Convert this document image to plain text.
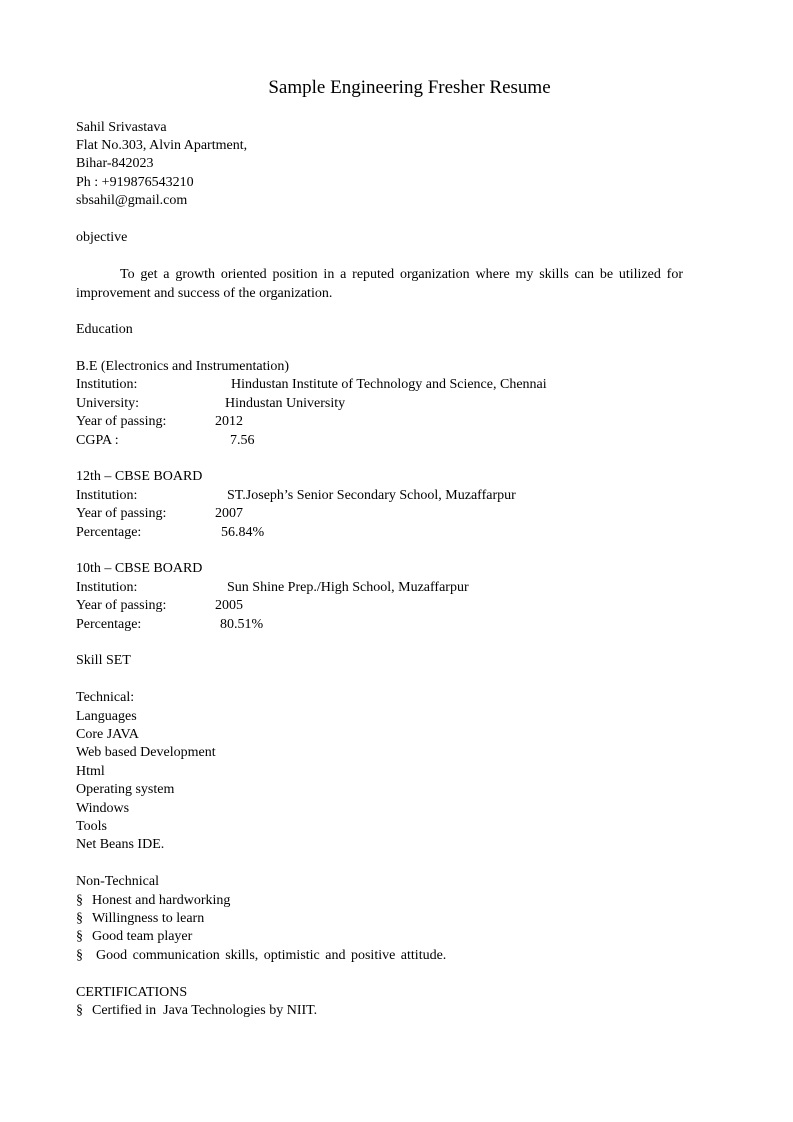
Sample Engineering Fresher Resume
Sahil Srivastava
Flat No.303, Alvin Apartment,
Bihar-842023
Ph : +919876543210
sbsahil@gmail.com
objective

To get a growth oriented position in a reputed organization where my skills can be utilized for improvement and success of the organization.

Education
B.E (Electronics and Instrumentation)
Institution:	Hindustan Institute of Technology and Science, Chennai
University:	Hindustan University
Year of passing:	2012
CGPA :	7.56
12th – CBSE BOARD
Institution:	ST.Joseph’s Senior Secondary School, Muzaffarpur
Year of passing:	2007
Percentage:	56.84%
10th – CBSE BOARD
Institution:	Sun Shine Prep./High School, Muzaffarpur
Year of passing:	2005
Percentage:	80.51%
Skill SET
Technical:
Languages
Core JAVA
Web based Development
Html
Operating system
Windows
Tools
Net Beans IDE.
Non-Technical
§ Honest and hardworking
§ Willingness to learn
§ Good team player
§ Good communication skills, optimistic and positive attitude.
CERTIFICATIONS
§ Certified in  Java Technologies by NIIT.
